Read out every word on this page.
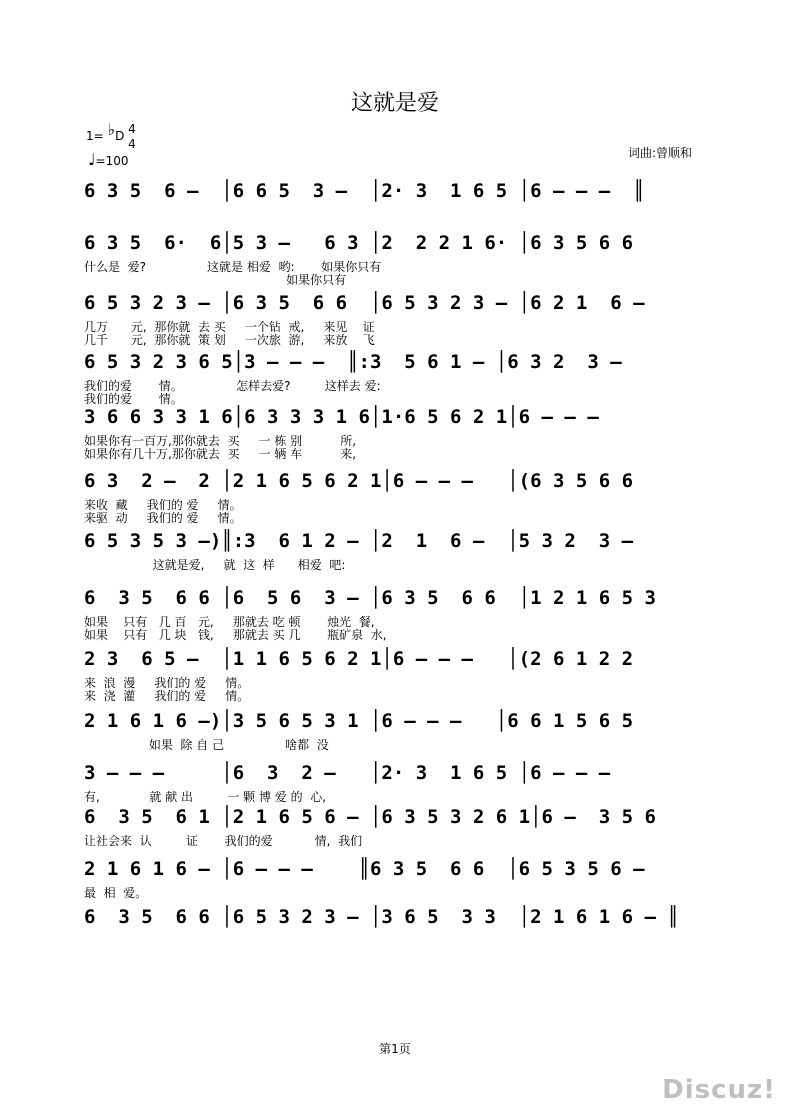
这就是爱
1= ♭D 4
4
♩=100
词曲:曾顺和
6 3 5  6 –  │6 6 5  3 –  │2· 3  1 6 5 │6 – – –  ║
6 3 5  6·  6│5 3 –   6 3 │2  2 2 1 6· │6 3 5 6 6
什么是  爱?                这就是 相爱  哟:       如果你只有
如果你只有
6 5 3 2 3 – │6 3 5  6 6  │6 5 3 2 3 – │6 2 1  6 –
几万      元,  那你就  去 买     一个钻  戒,     来见    证
几千      元,  那你就  策 划     一次旅  游,     来放    飞
6 5 3 2 3 6 5│3 – – –  ║:3  5 6 1 – │6 3 2  3 –
我们的爱       情。              怎样去爱?         这样去 爱:
我们的爱       情。
3 6 6 3 3 1 6│6 3 3 3 1 6│1·6 5 6 2 1│6 – – –
如果你有一百万,那你就去  买     一 栋 别          所,
如果你有几十万,那你就去  买     一 辆 车          来,
6 3  2 –  2 │2 1 6 5 6 2 1│6 – – –   │(6 3 5 6 6
来收  藏     我们的 爱     情。
来驱  动     我们的 爱     情。
6 5 3 5 3 –)║:3  6 1 2 – │2  1  6 –  │5 3 2  3 –
这就是爱,     就  这  样      相爱  吧:
6  3 5  6 6 │6  5 6  3 – │6 3 5  6 6  │1 2 1 6 5 3
如果    只有   几 百   元,     那就去 吃 顿       烛光  餐,
如果    只有   几 块   钱,     那就去 买 几       瓶矿泉  水,
2 3  6 5 –  │1 1 6 5 6 2 1│6 – – –   │(2 6 1 2 2
来  浪  漫     我们的 爱     情。
来  浇  灌     我们的 爱     情。
2 1 6 1 6 –)│3 5 6 5 3 1 │6 – – –   │6 6 1 5 6 5
如果  除 自 己                啥都  没
3 – – –     │6  3  2 –   │2· 3  1 6 5 │6 – – –
有,             就 献 出         一 颗 博 爱 的  心,
6  3 5  6 1 │2 1 6 5 6 – │6 3 5 3 2 6 1│6 –  3 5 6
让社会来  认         证       我们的爱           情,  我们
2 1 6 1 6 – │6 – – –    ║6 3 5  6 6  │6 5 3 5 6 –
最  相  爱。
6  3 5  6 6 │6 5 3 2 3 – │3 6 5  3 3  │2 1 6 1 6 – ║
第1页
Discuz!
